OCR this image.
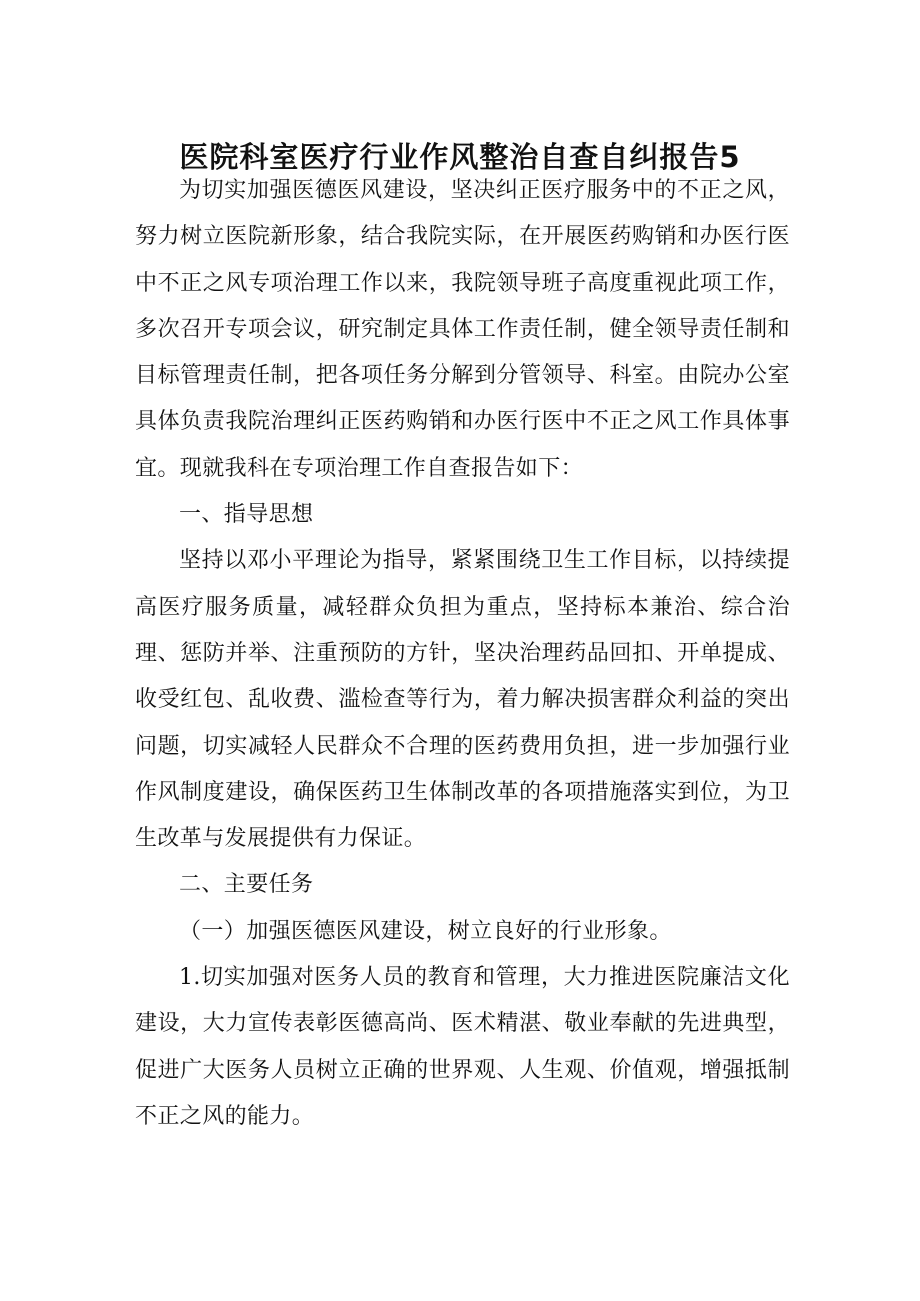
医院科室医疗行业作风整治自查自纠报告5

为切实加强医德医风建设，坚决纠正医疗服务中的不正之风，努力树立医院新形象，结合我院实际，在开展医药购销和办医行医中不正之风专项治理工作以来，我院领导班子高度重视此项工作，多次召开专项会议，研究制定具体工作责任制，健全领导责任制和目标管理责任制，把各项任务分解到分管领导、科室。由院办公室具体负责我院治理纠正医药购销和办医行医中不正之风工作具体事宜。现就我科在专项治理工作自查报告如下：

一、指导思想

坚持以邓小平理论为指导，紧紧围绕卫生工作目标，以持续提高医疗服务质量，减轻群众负担为重点，坚持标本兼治、综合治理、惩防并举、注重预防的方针，坚决治理药品回扣、开单提成、收受红包、乱收费、滥检查等行为，着力解决损害群众利益的突出问题，切实减轻人民群众不合理的医药费用负担，进一步加强行业作风制度建设，确保医药卫生体制改革的各项措施落实到位，为卫生改革与发展提供有力保证。

二、主要任务

（一）加强医德医风建设，树立良好的行业形象。

1.切实加强对医务人员的教育和管理，大力推进医院廉洁文化建设，大力宣传表彰医德高尚、医术精湛、敬业奉献的先进典型，促进广大医务人员树立正确的世界观、人生观、价值观，增强抵制不正之风的能力。
